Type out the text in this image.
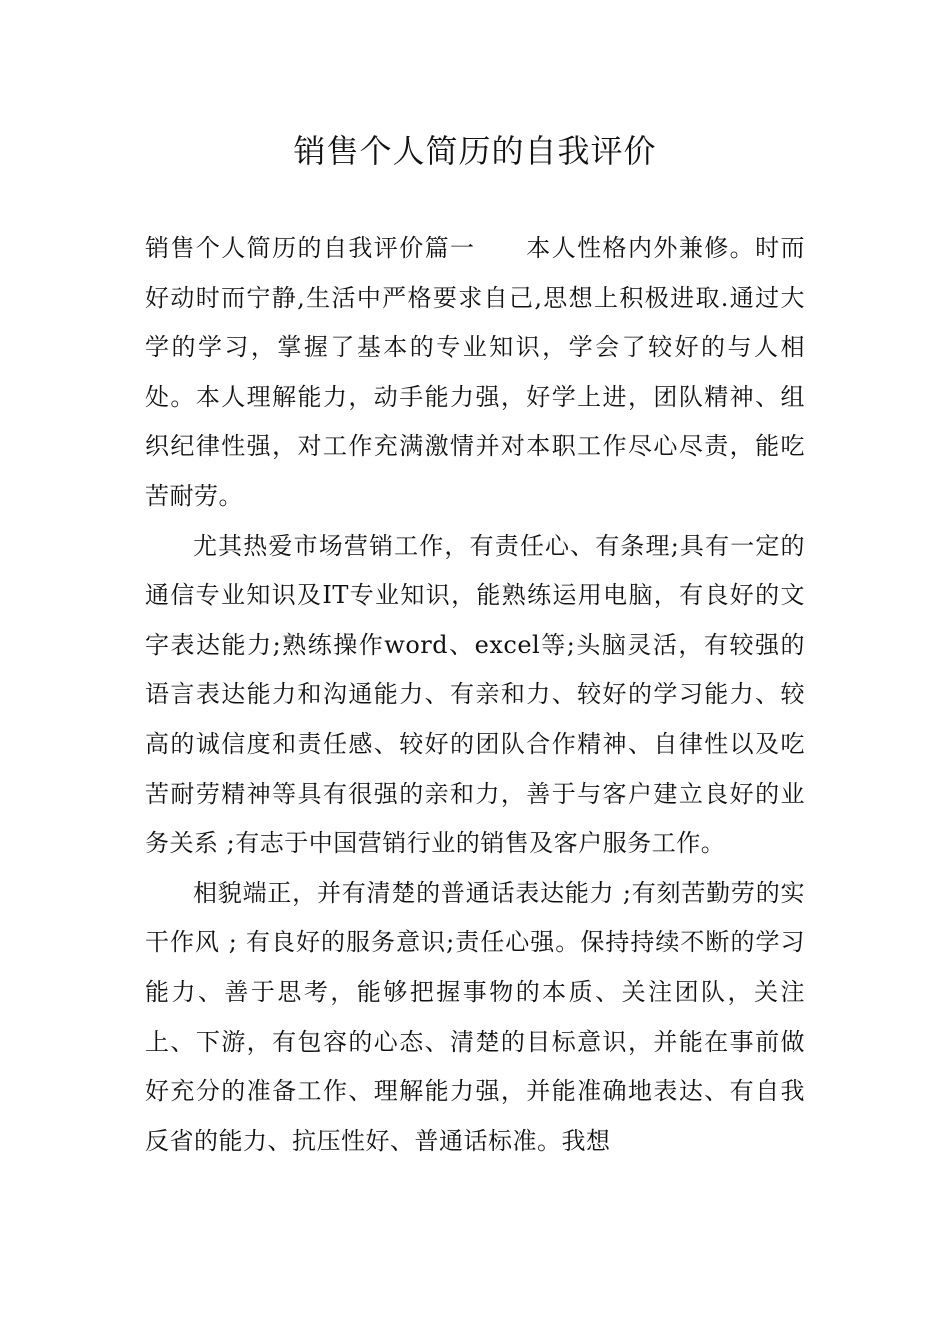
销售个人简历的自我评价

销售个人简历的自我评价篇一　　本人性格内外兼修。时而好动时而宁静,生活中严格要求自己,思想上积极进取.通过大学的学习，掌握了基本的专业知识，学会了较好的与人相处。本人理解能力，动手能力强，好学上进，团队精神、组织纪律性强，对工作充满激情并对本职工作尽心尽责，能吃苦耐劳。

尤其热爱市场营销工作，有责任心、有条理;具有一定的通信专业知识及IT专业知识，能熟练运用电脑，有良好的文字表达能力;熟练操作word、excel等;头脑灵活，有较强的语言表达能力和沟通能力、有亲和力、较好的学习能力、较高的诚信度和责任感、较好的团队合作精神、自律性以及吃苦耐劳精神等具有很强的亲和力，善于与客户建立良好的业务关系 ;有志于中国营销行业的销售及客户服务工作。

相貌端正，并有清楚的普通话表达能力 ;有刻苦勤劳的实干作风 ; 有良好的服务意识;责任心强。保持持续不断的学习能力、善于思考，能够把握事物的本质、关注团队，关注上、下游，有包容的心态、清楚的目标意识，并能在事前做好充分的准备工作、理解能力强，并能准确地表达、有自我反省的能力、抗压性好、普通话标准。我想
